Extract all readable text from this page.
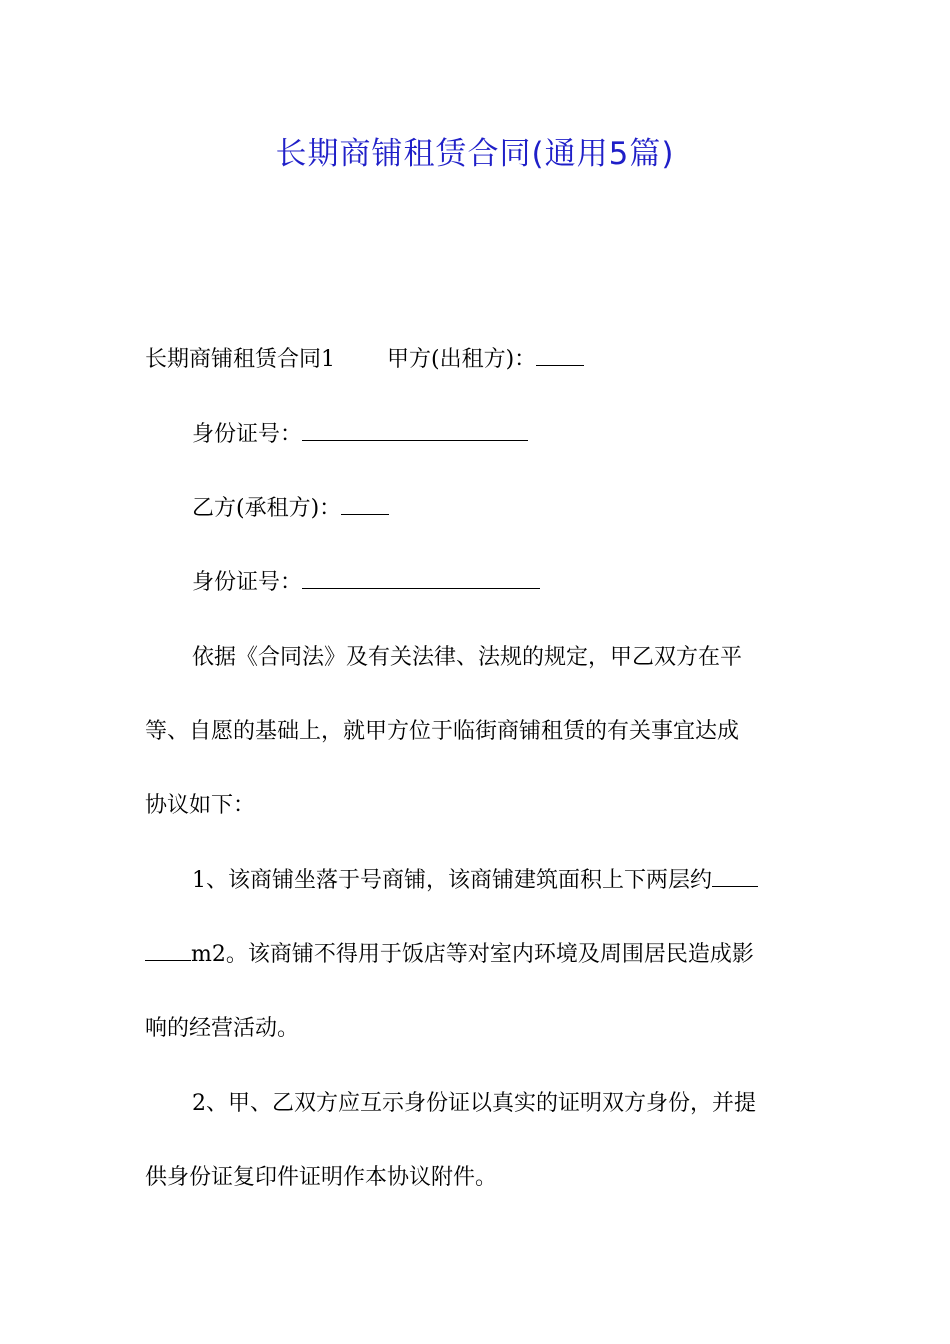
长期商铺租赁合同(通用5篇)
长期商铺租赁合同1 甲方(出租方)：
身份证号：
乙方(承租方)：
身份证号：
依据《合同法》及有关法律、法规的规定，甲乙双方在平
等、自愿的基础上，就甲方位于临街商铺租赁的有关事宜达成
协议如下：
1、该商铺坐落于号商铺，该商铺建筑面积上下两层约
m2。该商铺不得用于饭店等对室内环境及周围居民造成影
响的经营活动。
2、甲、乙双方应互示身份证以真实的证明双方身份，并提
供身份证复印件证明作本协议附件。
